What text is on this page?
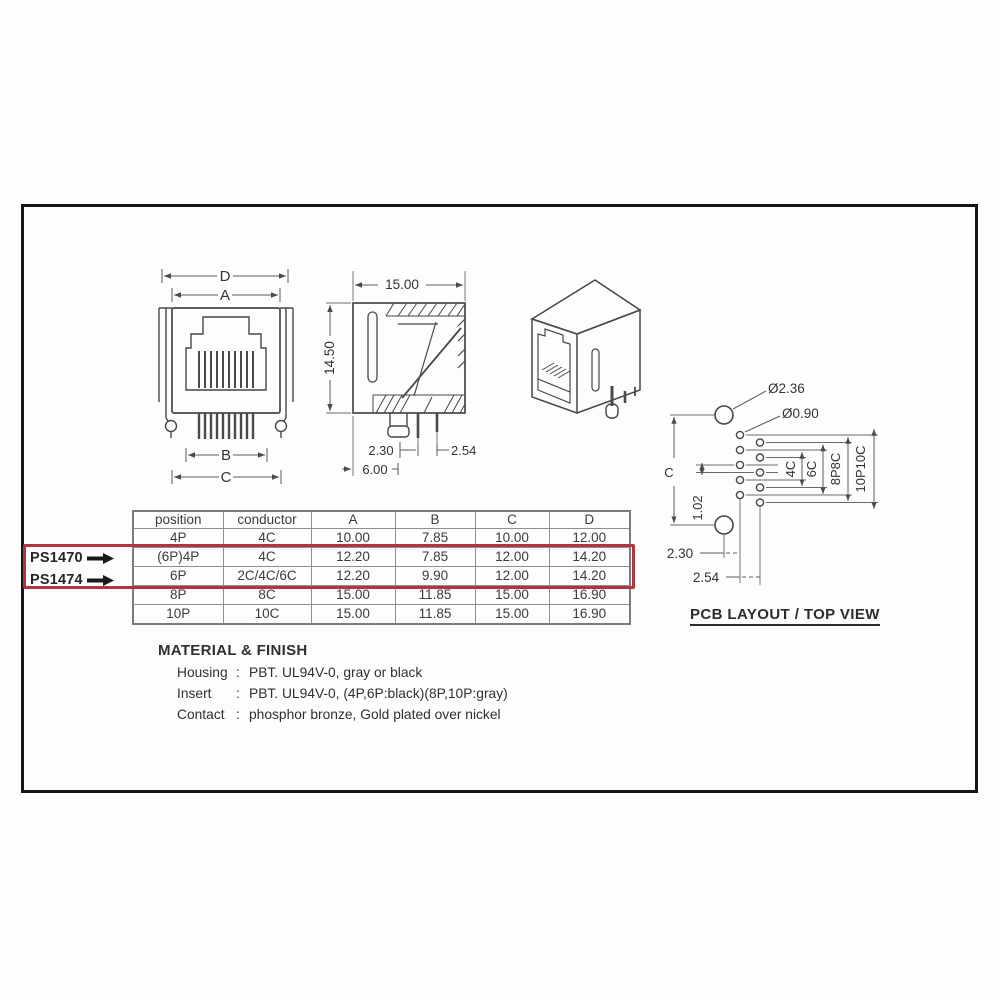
D
A
B
C
15.00
14.50
2.30	2.54
6.00
Ø2.36
Ø0.90
C
1.02
4C 6C 8P8C 10P10C
2.30
2.54
PCB LAYOUT / TOP VIEW
position	conductor	A	B	C	D
4P	4C	10.00	7.85	10.00	12.00
(6P)4P	4C	12.20	7.85	12.00	14.20
6P	2C/4C/6C	12.20	9.90	12.00	14.20
8P	8C	15.00	11.85	15.00	16.90
10P	10C	15.00	11.85	15.00	16.90
PS1470
PS1474
MATERIAL & FINISH
Housing : PBT. UL94V-0, gray or black
Insert	: PBT. UL94V-0, (4P,6P:black)(8P,10P:gray)
Contact : phosphor bronze, Gold plated over nickel
